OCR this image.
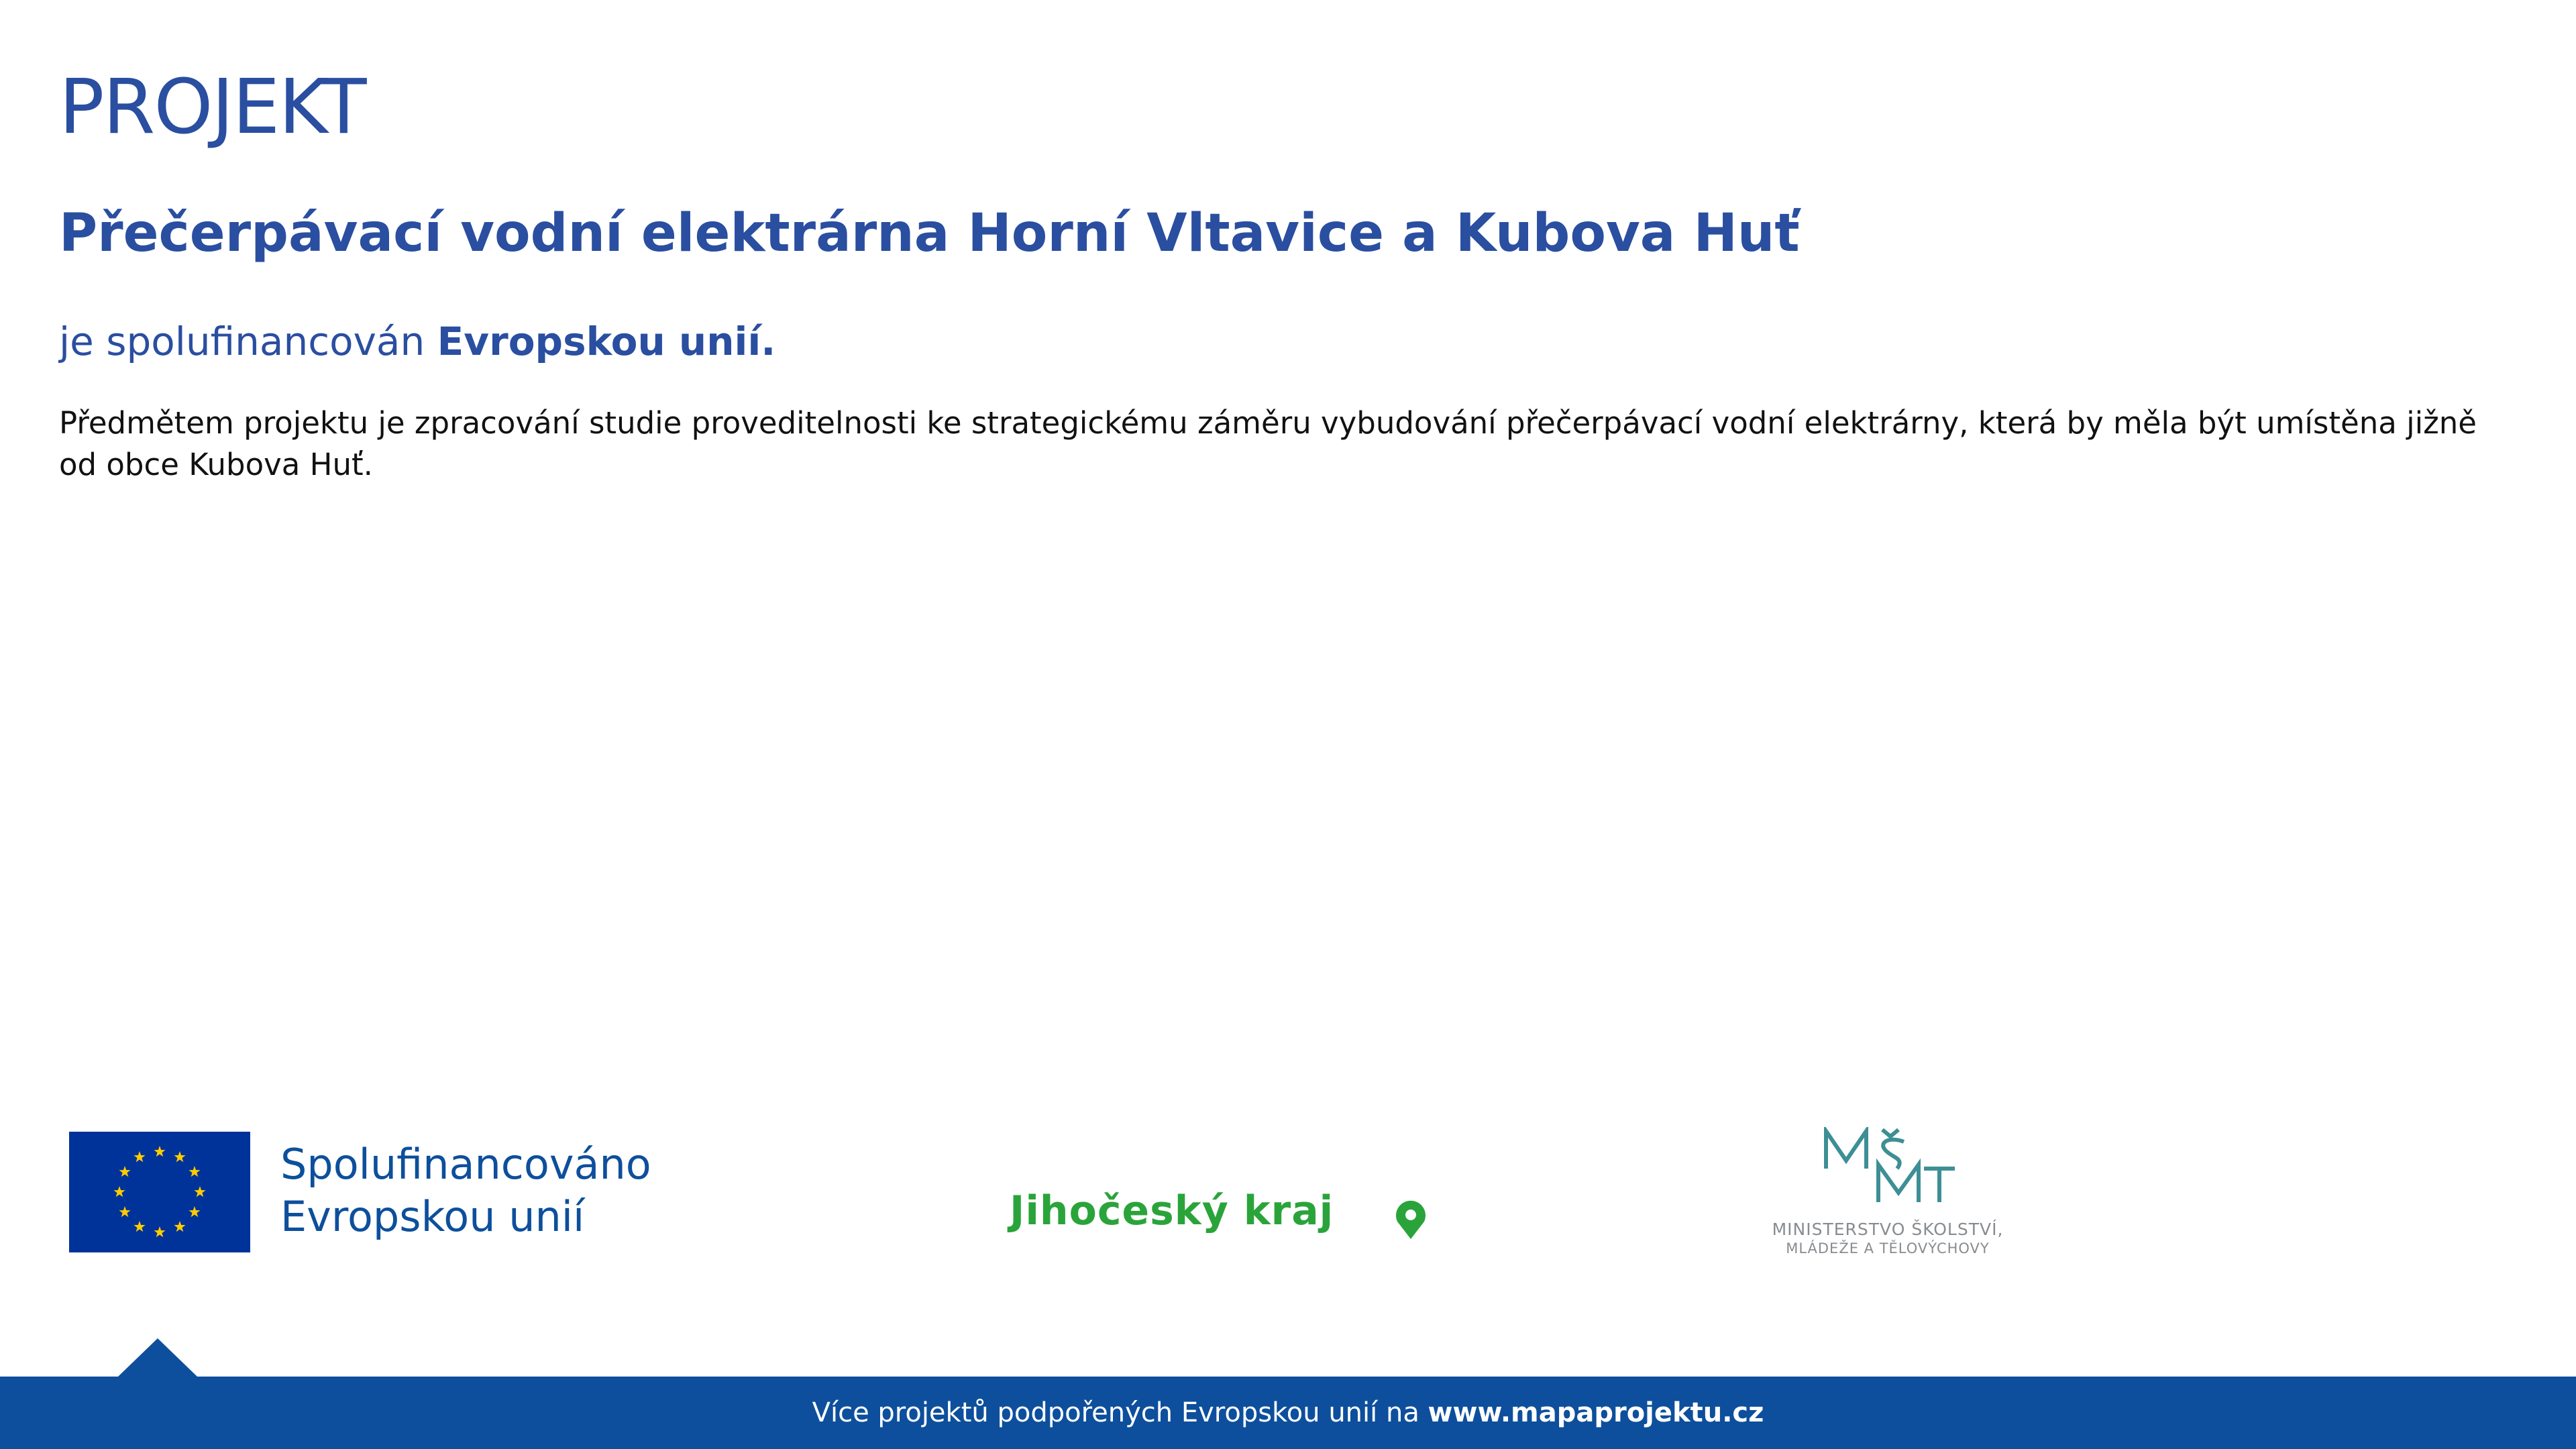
PROJEKT
Přečerpávací vodní elektrárna Horní Vltavice a Kubova Huť

je spolufinancován Evropskou unií.

Předmětem projektu je zpracování studie proveditelnosti ke strategickému záměru vybudování přečerpávací vodní elektrárny, která by měla být umístěna jižně od obce Kubova Huť.

Spolufinancováno
Evropskou unií	Jihočeský kraj	MINISTERSTVO ŠKOLSTVÍ,
MLÁDEŽE A TĚLOVÝCHOVY
Více projektů podpořených Evropskou unií na www.mapaprojektu.cz
